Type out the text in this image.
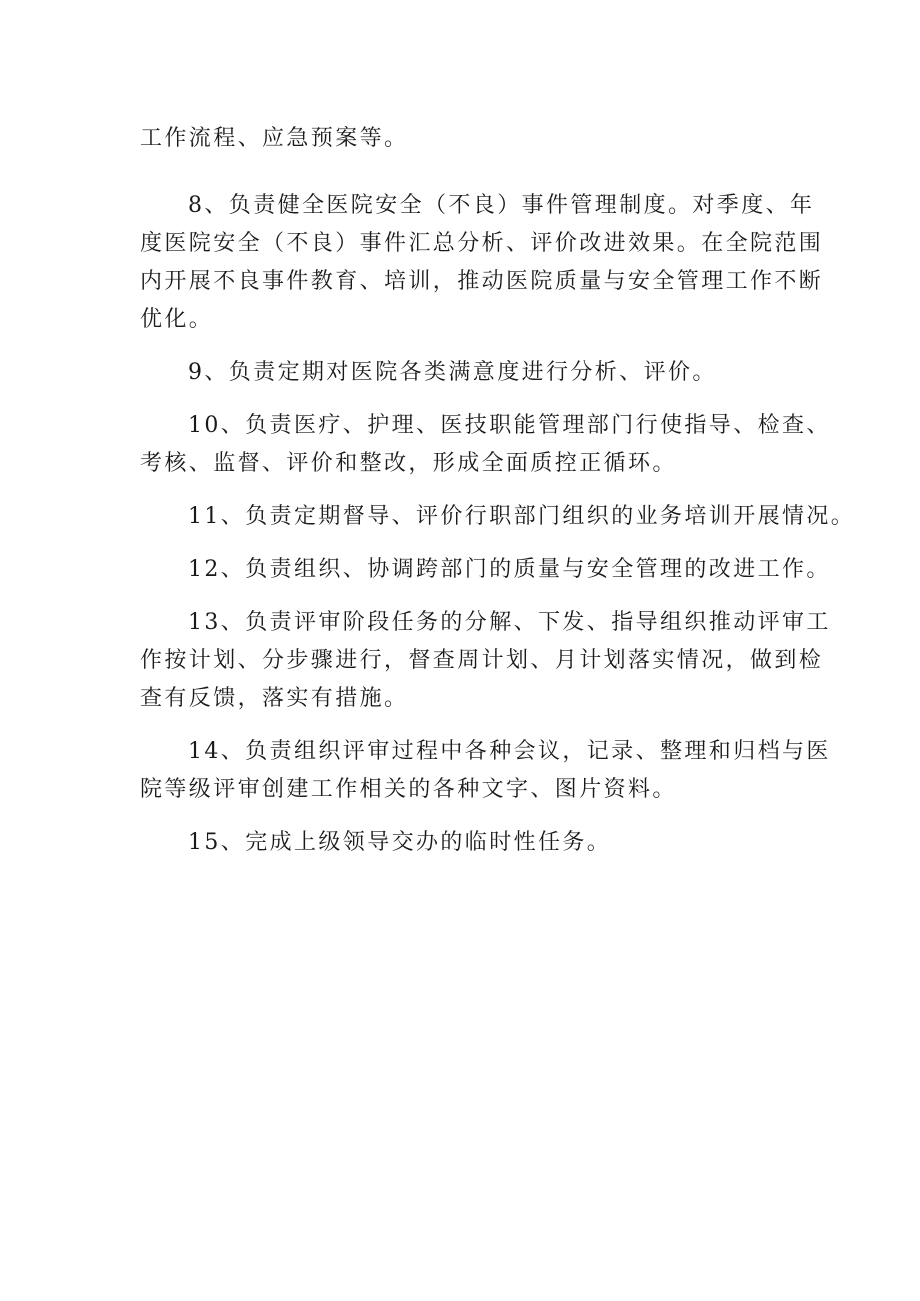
工作流程、应急预案等。
8、负责健全医院安全（不良）事件管理制度。对季度、年
度医院安全（不良）事件汇总分析、评价改进效果。在全院范围
内开展不良事件教育、培训，推动医院质量与安全管理工作不断
优化。
9、负责定期对医院各类满意度进行分析、评价。
10、负责医疗、护理、医技职能管理部门行使指导、检查、
考核、监督、评价和整改，形成全面质控正循环。
11、负责定期督导、评价行职部门组织的业务培训开展情况。
12、负责组织、协调跨部门的质量与安全管理的改进工作。
13、负责评审阶段任务的分解、下发、指导组织推动评审工
作按计划、分步骤进行，督查周计划、月计划落实情况，做到检
查有反馈，落实有措施。
14、负责组织评审过程中各种会议，记录、整理和归档与医
院等级评审创建工作相关的各种文字、图片资料。
15、完成上级领导交办的临时性任务。
